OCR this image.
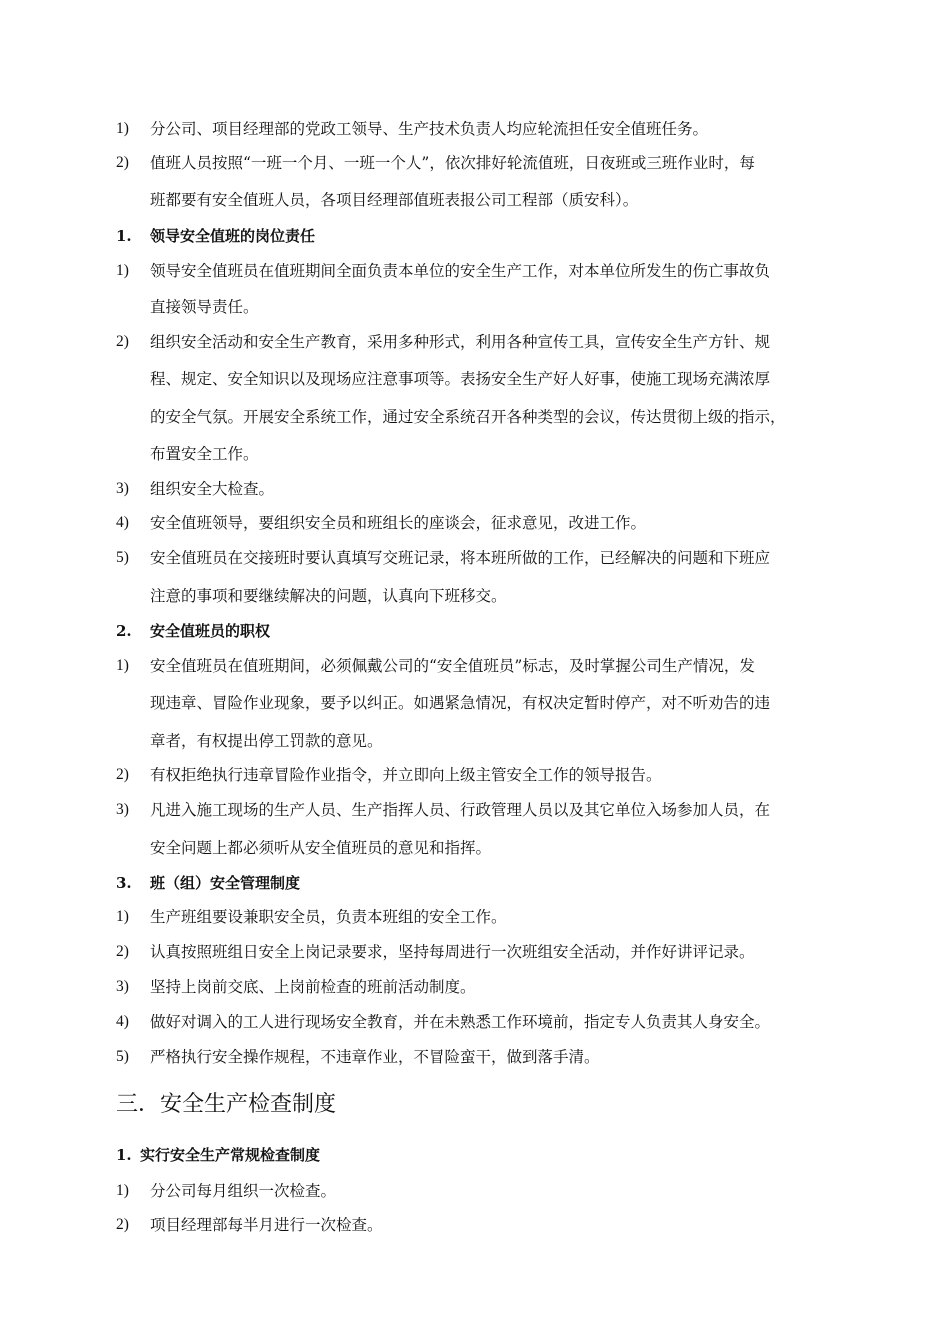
1) 分公司、项目经理部的党政工领导、生产技术负责人均应轮流担任安全值班任务。
2) 值班人员按照“一班一个月、一班一个人”，依次排好轮流值班，日夜班或三班作业时，每
班都要有安全值班人员，各项目经理部值班表报公司工程部（质安科）。
1. 领导安全值班的岗位责任
1) 领导安全值班员在值班期间全面负责本单位的安全生产工作，对本单位所发生的伤亡事故负
直接领导责任。
2) 组织安全活动和安全生产教育，采用多种形式，利用各种宣传工具，宣传安全生产方针、规
程、规定、安全知识以及现场应注意事项等。表扬安全生产好人好事，使施工现场充满浓厚
的安全气氛。开展安全系统工作，通过安全系统召开各种类型的会议，传达贯彻上级的指示，
布置安全工作。
3) 组织安全大检查。
4) 安全值班领导，要组织安全员和班组长的座谈会，征求意见，改进工作。
5) 安全值班员在交接班时要认真填写交班记录，将本班所做的工作，已经解决的问题和下班应
注意的事项和要继续解决的问题，认真向下班移交。
2. 安全值班员的职权
1) 安全值班员在值班期间，必须佩戴公司的“安全值班员”标志，及时掌握公司生产情况，发
现违章、冒险作业现象，要予以纠正。如遇紧急情况，有权决定暂时停产，对不听劝告的违
章者，有权提出停工罚款的意见。
2) 有权拒绝执行违章冒险作业指令，并立即向上级主管安全工作的领导报告。
3) 凡进入施工现场的生产人员、生产指挥人员、行政管理人员以及其它单位入场参加人员，在
安全问题上都必须听从安全值班员的意见和指挥。
3. 班（组）安全管理制度
1) 生产班组要设兼职安全员，负责本班组的安全工作。
2) 认真按照班组日安全上岗记录要求，坚持每周进行一次班组安全活动，并作好讲评记录。
3) 坚持上岗前交底、上岗前检查的班前活动制度。
4) 做好对调入的工人进行现场安全教育，并在未熟悉工作环境前，指定专人负责其人身安全。
5) 严格执行安全操作规程，不违章作业，不冒险蛮干，做到落手清。
三．安全生产检查制度
1. 实行安全生产常规检查制度
1) 分公司每月组织一次检查。
2) 项目经理部每半月进行一次检查。
